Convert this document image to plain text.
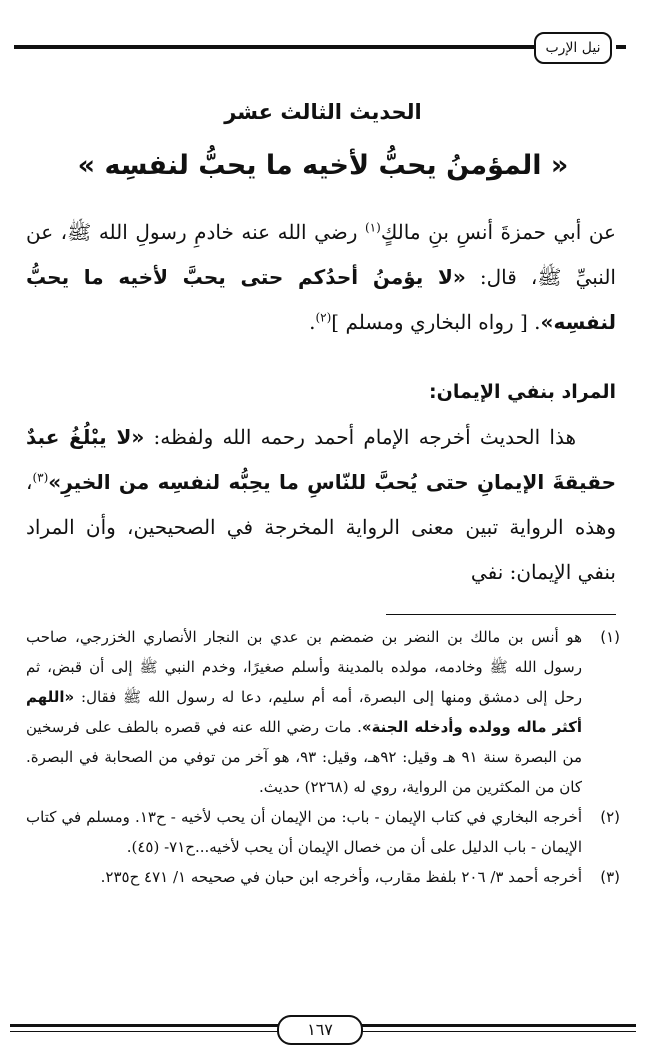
نيل الإرب
الحديث الثالث عشر
« المؤمنُ يحبُّ لأخيه ما يحبُّ لنفسِه »

عن أبي حمزةَ أنسِ بنِ مالكٍ$^{(١)}$ رضي الله عنه خادمِ رسولِ الله ﷺ، عن النبيِّ ﷺ، قال: «لا يؤمنُ أحدُكم حتى يحبَّ لأخيه ما يحبُّ لنفسِه». [ رواه البخاري ومسلم ]$^{(٢)}$.

المراد بنفي الإيمان:

هذا الحديث أخرجه الإمام أحمد رحمه الله ولفظه: «لا يبْلُغُ عبدٌ حقيقةَ الإيمانِ حتى يُحبَّ للنّاسِ ما يحِبُّه لنفسِه من الخيرِ»$^{(٣)}$، وهذه الرواية تبين معنى الرواية المخرجة في الصحيحين، وأن المراد بنفي الإيمان: نفي

(١)
هو أنس بن مالك بن النضر بن ضمضم بن عدي بن النجار الأنصاري الخزرجي، صاحب رسول الله ﷺ وخادمه، مولده بالمدينة وأسلم صغيرًا، وخدم النبي ﷺ إلى أن قبض، ثم رحل إلى دمشق ومنها إلى البصرة، أمه أم سليم، دعا له رسول الله ﷺ فقال: «اللهم أكثر ماله وولده وأدخله الجنة». مات رضي الله عنه في قصره بالطف على فرسخين من البصرة سنة ٩١ هـ وقيل: ٩٢هـ، وقيل: ٩٣، هو آخر من توفي من الصحابة في البصرة. كان من المكثرين من الرواية، روي له (٢٢٦٨) حديث.
(٢)
أخرجه البخاري في كتاب الإيمان - باب: من الإيمان أن يحب لأخيه - ح١٣. ومسلم في كتاب الإيمان - باب الدليل على أن من خصال الإيمان أن يحب لأخيه...ح٧١- (٤٥).
(٣)
أخرجه أحمد ٣/ ٢٠٦ بلفظ مقارب، وأخرجه ابن حبان في صحيحه ١/ ٤٧١ ح٢٣٥.
١٦٧
